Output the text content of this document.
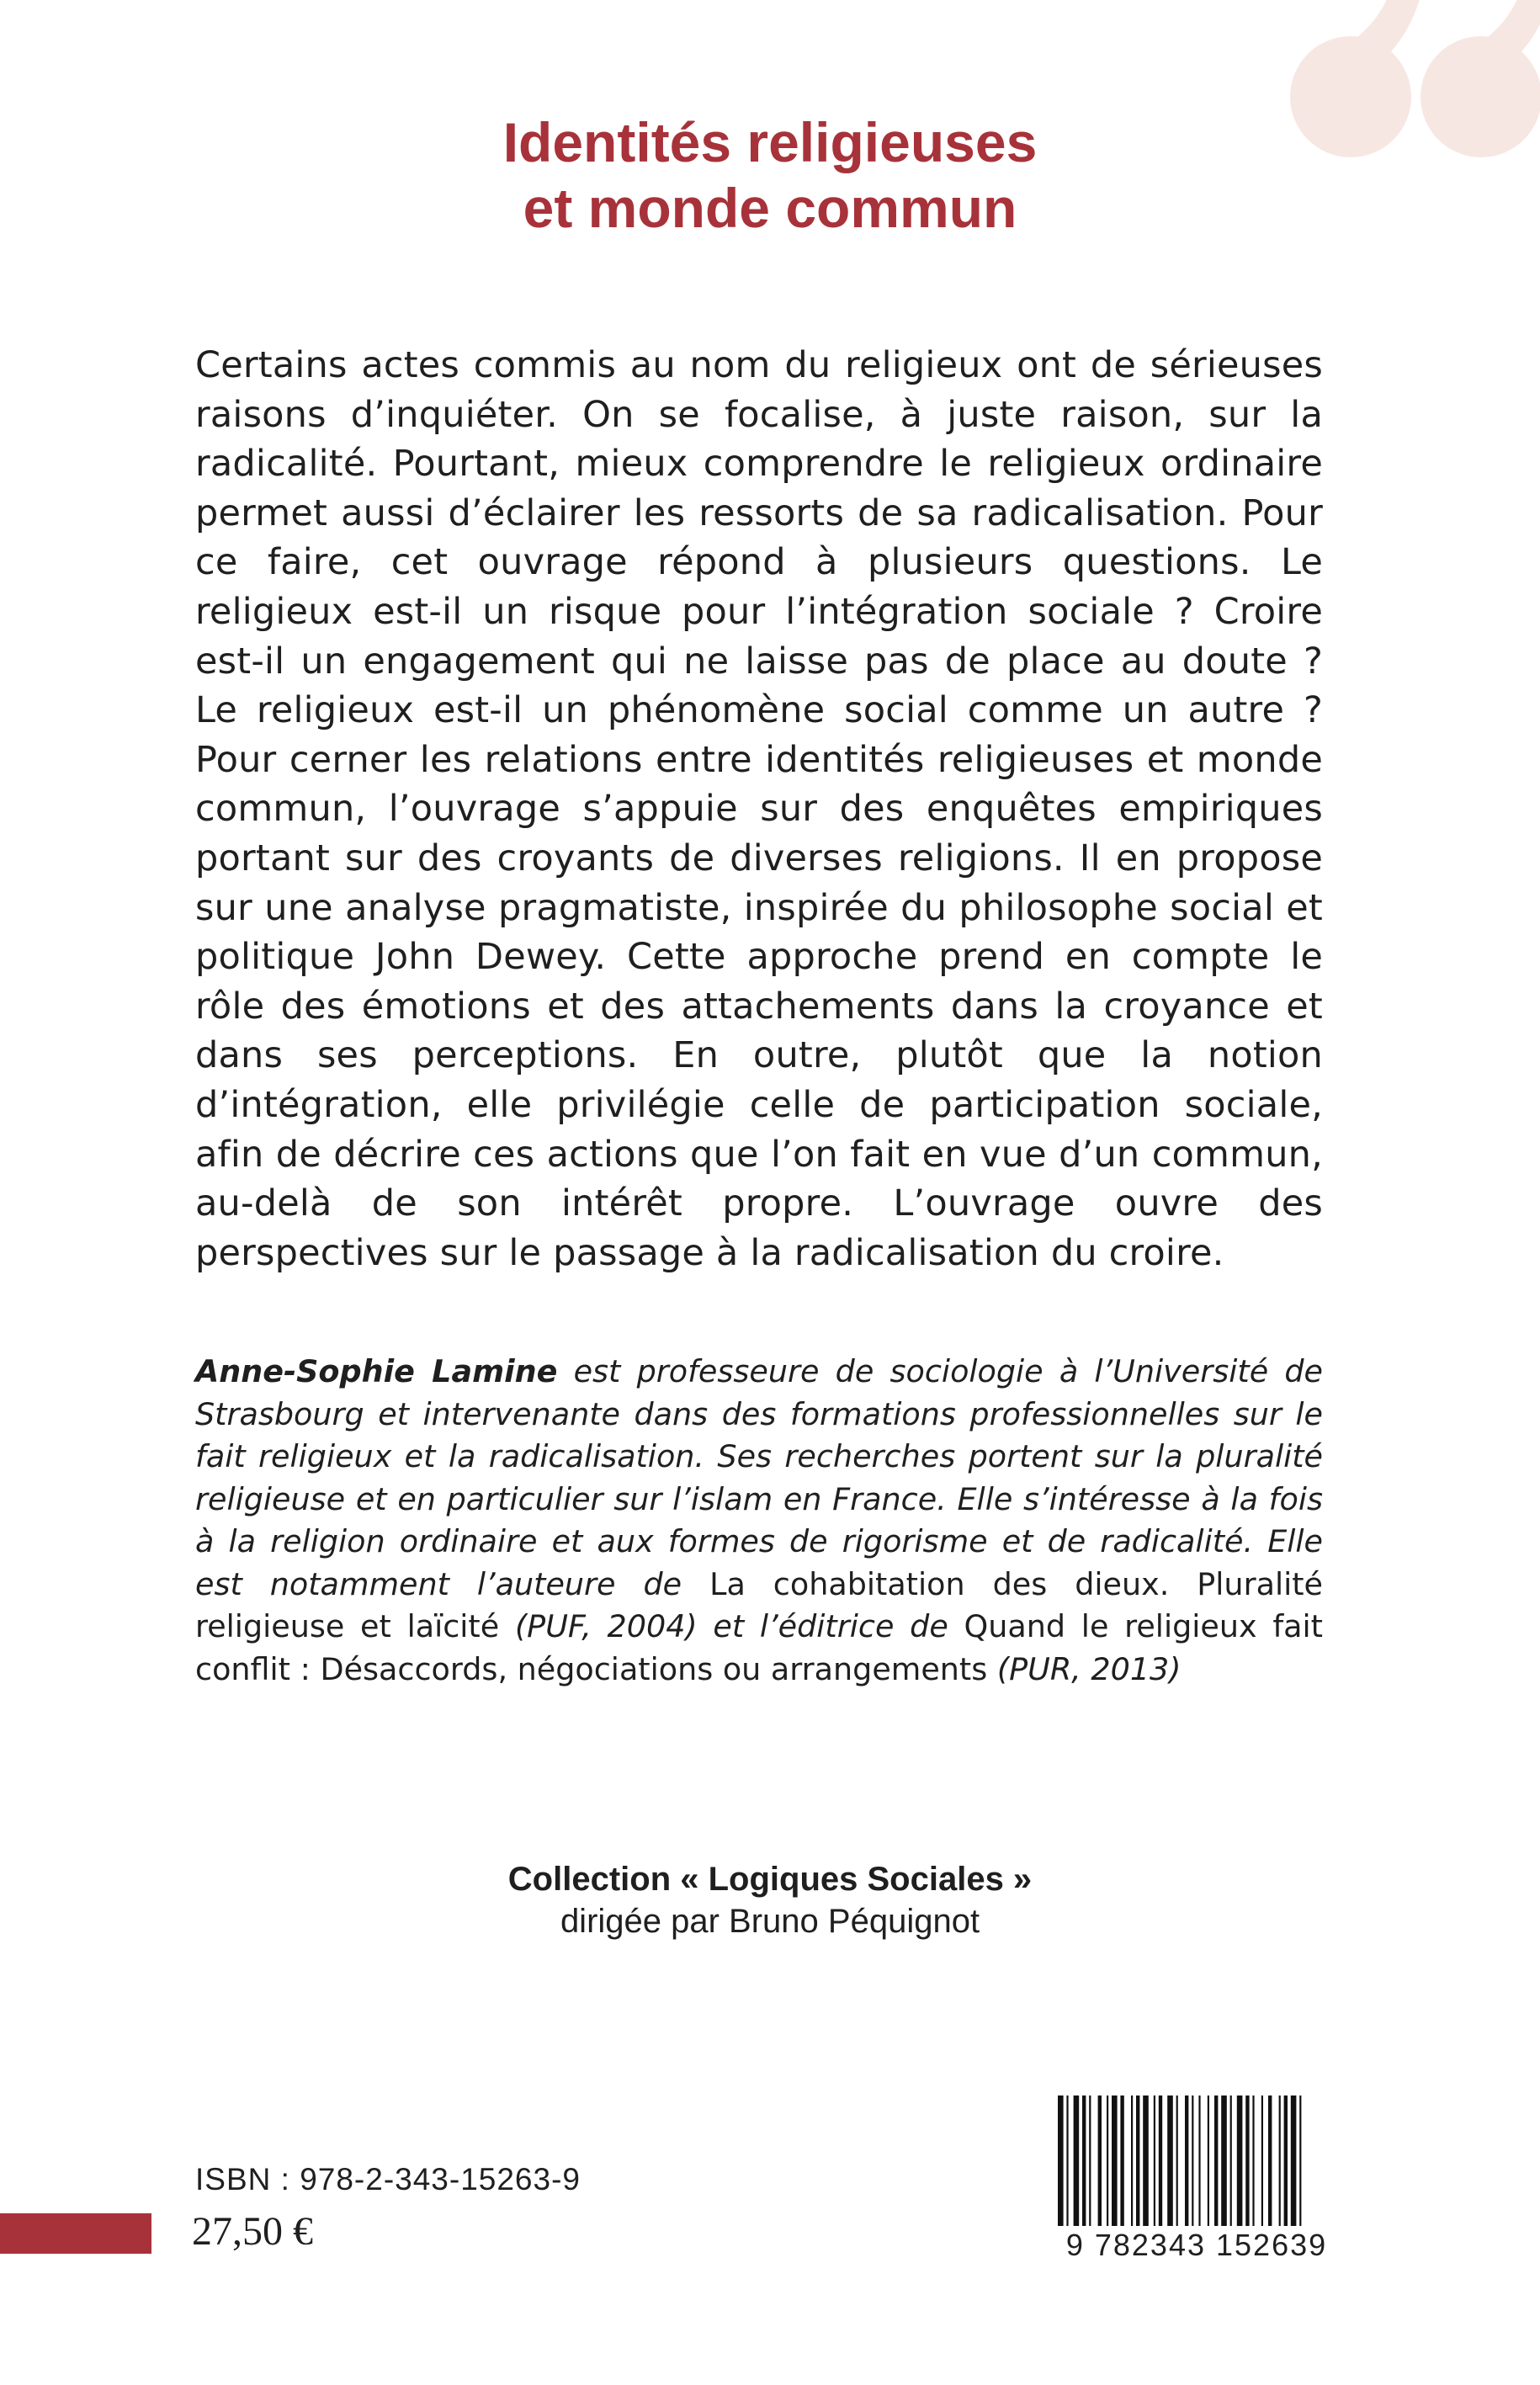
Identités religieuses
et monde commun

Certains actes commis au nom du religieux ont de sérieuses raisons d’inquiéter. On se focalise, à juste raison, sur la radicalité. Pourtant, mieux comprendre le religieux ordinaire permet aussi d’éclairer les ressorts de sa radicalisation. Pour ce faire, cet ouvrage répond à plusieurs questions. Le religieux est-il un risque pour l’intégration sociale ? Croire est-il un engagement qui ne laisse pas de place au doute ? Le religieux est-il un phénomène social comme un autre ? Pour cerner les relations entre identités religieuses et monde commun, l’ouvrage s’appuie sur des enquêtes empiriques portant sur des croyants de diverses religions. Il en propose sur une analyse pragmatiste, inspirée du philosophe social et politique John Dewey. Cette approche prend en compte le rôle des émotions et des attachements dans la croyance et dans ses perceptions. En outre, plutôt que la notion d’intégration, elle privilégie celle de participation sociale, afin de décrire ces actions que l’on fait en vue d’un commun, au-delà de son intérêt propre. L’ouvrage ouvre des perspectives sur le passage à la radicalisation du croire.

Anne-Sophie Lamine est professeure de sociologie à l’Université de Strasbourg et intervenante dans des formations professionnelles sur le fait religieux et la radicalisation. Ses recherches portent sur la pluralité religieuse et en particulier sur l’islam en France. Elle s’intéresse à la fois à la religion ordinaire et aux formes de rigorisme et de radicalité. Elle est notamment l’auteure de La cohabitation des dieux. Pluralité religieuse et laïcité (PUF, 2004) et l’éditrice de Quand le religieux fait conflit : Désaccords, négociations ou arrangements (PUR, 2013)

Collection « Logiques Sociales »
dirigée par Bruno Péquignot
ISBN : 978-2-343-15263-9
27,50 €	9 782343 152639
